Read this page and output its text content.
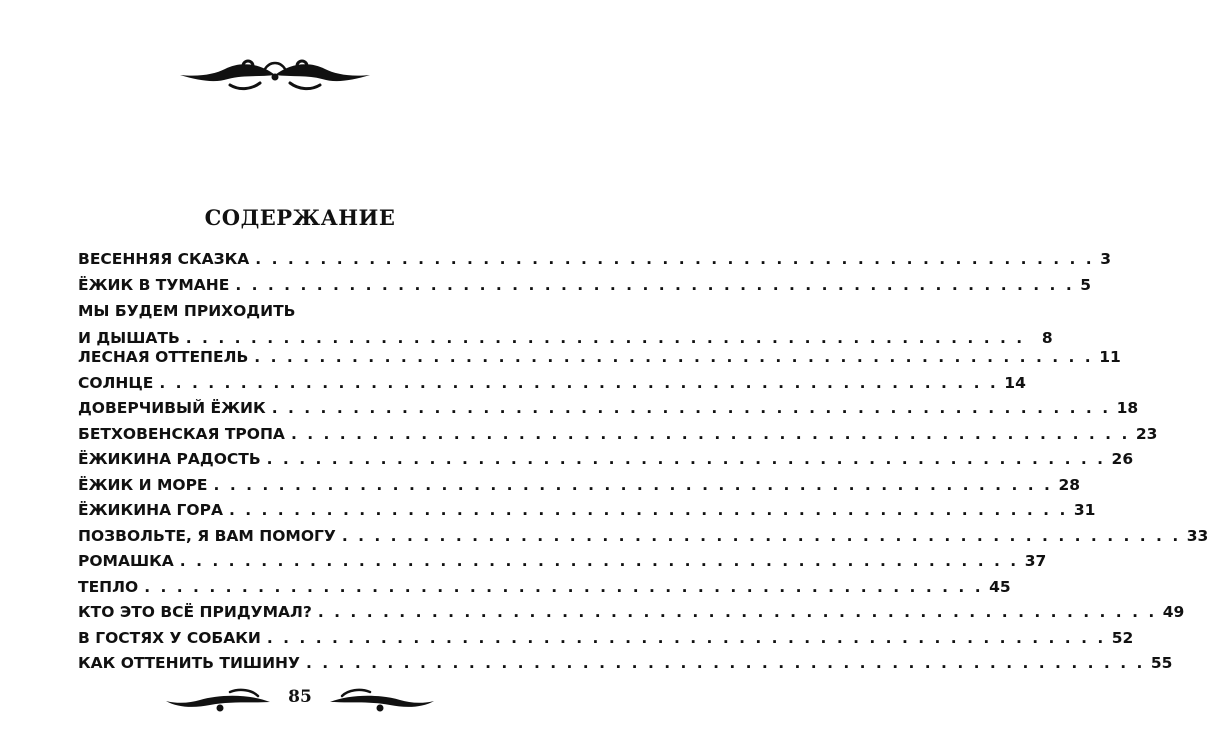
СОДЕРЖАНИЕ
ВЕСЕННЯЯ СКАЗКА . . .	3
ЁЖИК В ТУМАНЕ . . .	5
МЫ БУДЕМ ПРИХОДИТЬ
И ДЫШАТЬ . . .	8
ЛЕСНАЯ ОТТЕПЕЛЬ . . .	11
СОЛНЦЕ . . .	14
ДОВЕРЧИВЫЙ ЁЖИК . . .	18
БЕТХОВЕНСКАЯ ТРОПА . . .	23
ЁЖИКИНА РАДОСТЬ . . .	26
ЁЖИК И МОРЕ . . .	28
ЁЖИКИНА ГОРА . . .	31
ПОЗВОЛЬТЕ, Я ВАМ ПОМОГУ . . .	33
РОМАШКА . . .	37
ТЕПЛО . . .	45
КТО ЭТО ВСЁ ПРИДУМАЛ? . . .	49
В ГОСТЯХ У СОБАКИ . . .	52
КАК ОТТЕНИТЬ ТИШИНУ . . .	55
85
